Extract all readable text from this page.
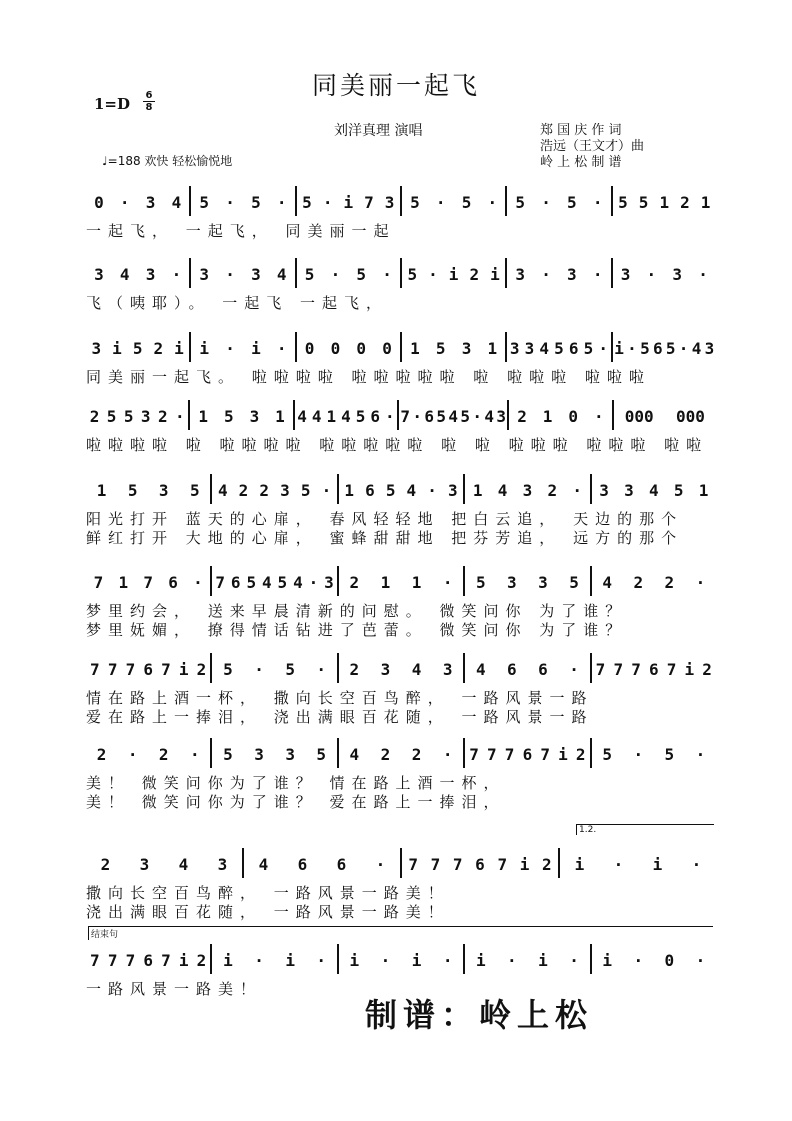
同美丽一起飞
1=D 6
8
刘洋真理 演唱	郑 国 庆 作 词
浩远（王文才）曲
岭 上 松 制 谱
♩=188 欢快 轻松愉悦地
0 · 3 4 5 · 5 · 5 · i 7 3 5 · 5 · 5 · 5 · 5 5 1 2 1
一起飞， 一起飞， 同美丽一起
3 4 3 · 3 · 3 4 5 · 5 · 5 · i 2 i 3 · 3 · 3 · 3 ·
飞（咦耶）。 一起飞 一起飞，
3 i 5 2 i i · i · 0 0 0 0 1 5 3 1 3 3 4 5 6 5 · i · 5 6 5 · 4 3
同美丽一起飞。 啦啦啦啦 啦啦啦啦啦 啦 啦啦啦 啦啦啦
2 5 5 3 2 · 1 5 3 1 4 4 1 4 5 6 · 7 · 6 5 4 5 · 4 3 2 1 0 · 000 000
啦啦啦啦 啦 啦啦啦啦 啦啦啦啦啦 啦 啦 啦啦啦 啦啦啦 啦啦
1 5 3 5 4 2 2 3 5 · 1 6 5 4 · 3 1 4 3 2 · 3 3 4 5 1
阳光打开 蓝天的心扉， 春风轻轻地 把白云追， 天边的那个
鲜红打开 大地的心扉， 蜜蜂甜甜地 把芬芳追， 远方的那个
7 1 7 6 · 7 6 5 4 5 4 · 3 2 1 1 · 5 3 3 5 4 2 2 ·
梦里约会， 送来早晨清新的问慰。 微笑问你 为了谁？
梦里妩媚， 撩得情话钻进了芭蕾。 微笑问你 为了谁？
7 7 7 6 7 i 2 5 · 5 · 2 3 4 3 4 6 6 · 7 7 7 6 7 i 2
情在路上酒一杯， 撒向长空百鸟醉， 一路风景一路
爱在路上一捧泪， 浇出满眼百花随， 一路风景一路
2 · 2 · 5 3 3 5 4 2 2 · 7 7 7 6 7 i 2 5 · 5 ·
美！ 微笑问你为了谁？ 情在路上酒一杯，
美！ 微笑问你为了谁？ 爱在路上一捧泪，
1.2.
2 3 4 3 4 6 6 · 7 7 7 6 7 i 2 i · i ·
撒向长空百鸟醉， 一路风景一路美！
浇出满眼百花随， 一路风景一路美！
结束句
7 7 7 6 7 i 2 i · i · i · i · i · i · i · 0 ·
一路风景一路美！
制谱：岭上松
